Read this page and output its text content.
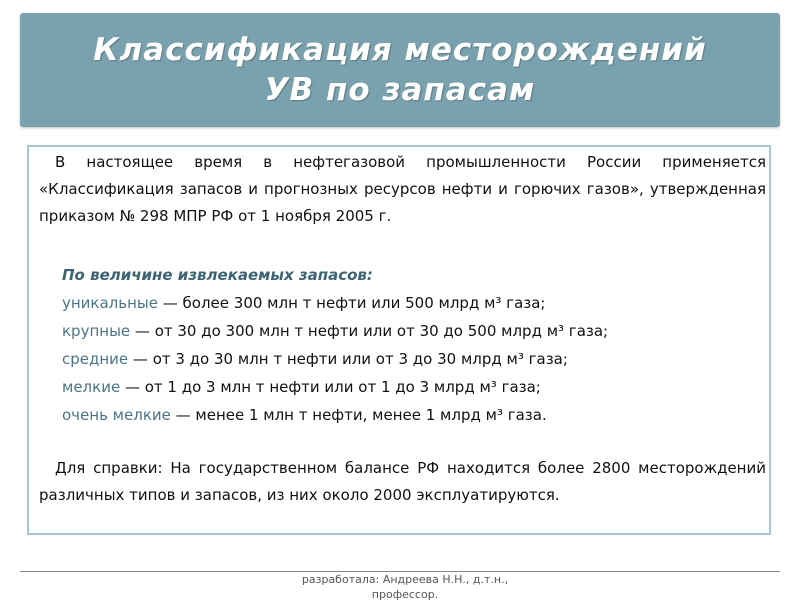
Классификация месторождений
УВ по запасам

В настоящее время в нефтегазовой промышленности России применяется «Классификация запасов и прогнозных ресурсов нефти и горючих газов», утвержденная приказом № 298 МПР РФ от 1 ноября 2005 г.

По величине извлекаемых запасов:
уникальные — более 300 млн т нефти или 500 млрд м³ газа;
крупные — от 30 до 300 млн т нефти или от 30 до 500 млрд м³ газа;
средние — от 3 до 30 млн т нефти или от 3 до 30 млрд м³ газа;
мелкие — от 1 до 3 млн т нефти или от 1 до 3 млрд м³ газа;
очень мелкие — менее 1 млн т нефти, менее 1 млрд м³ газа.

Для справки: На государственном балансе РФ находится более 2800 месторождений различных типов и запасов, из них около 2000 эксплуатируются.

разработала: Андреева Н.Н., д.т.н., профессор.
